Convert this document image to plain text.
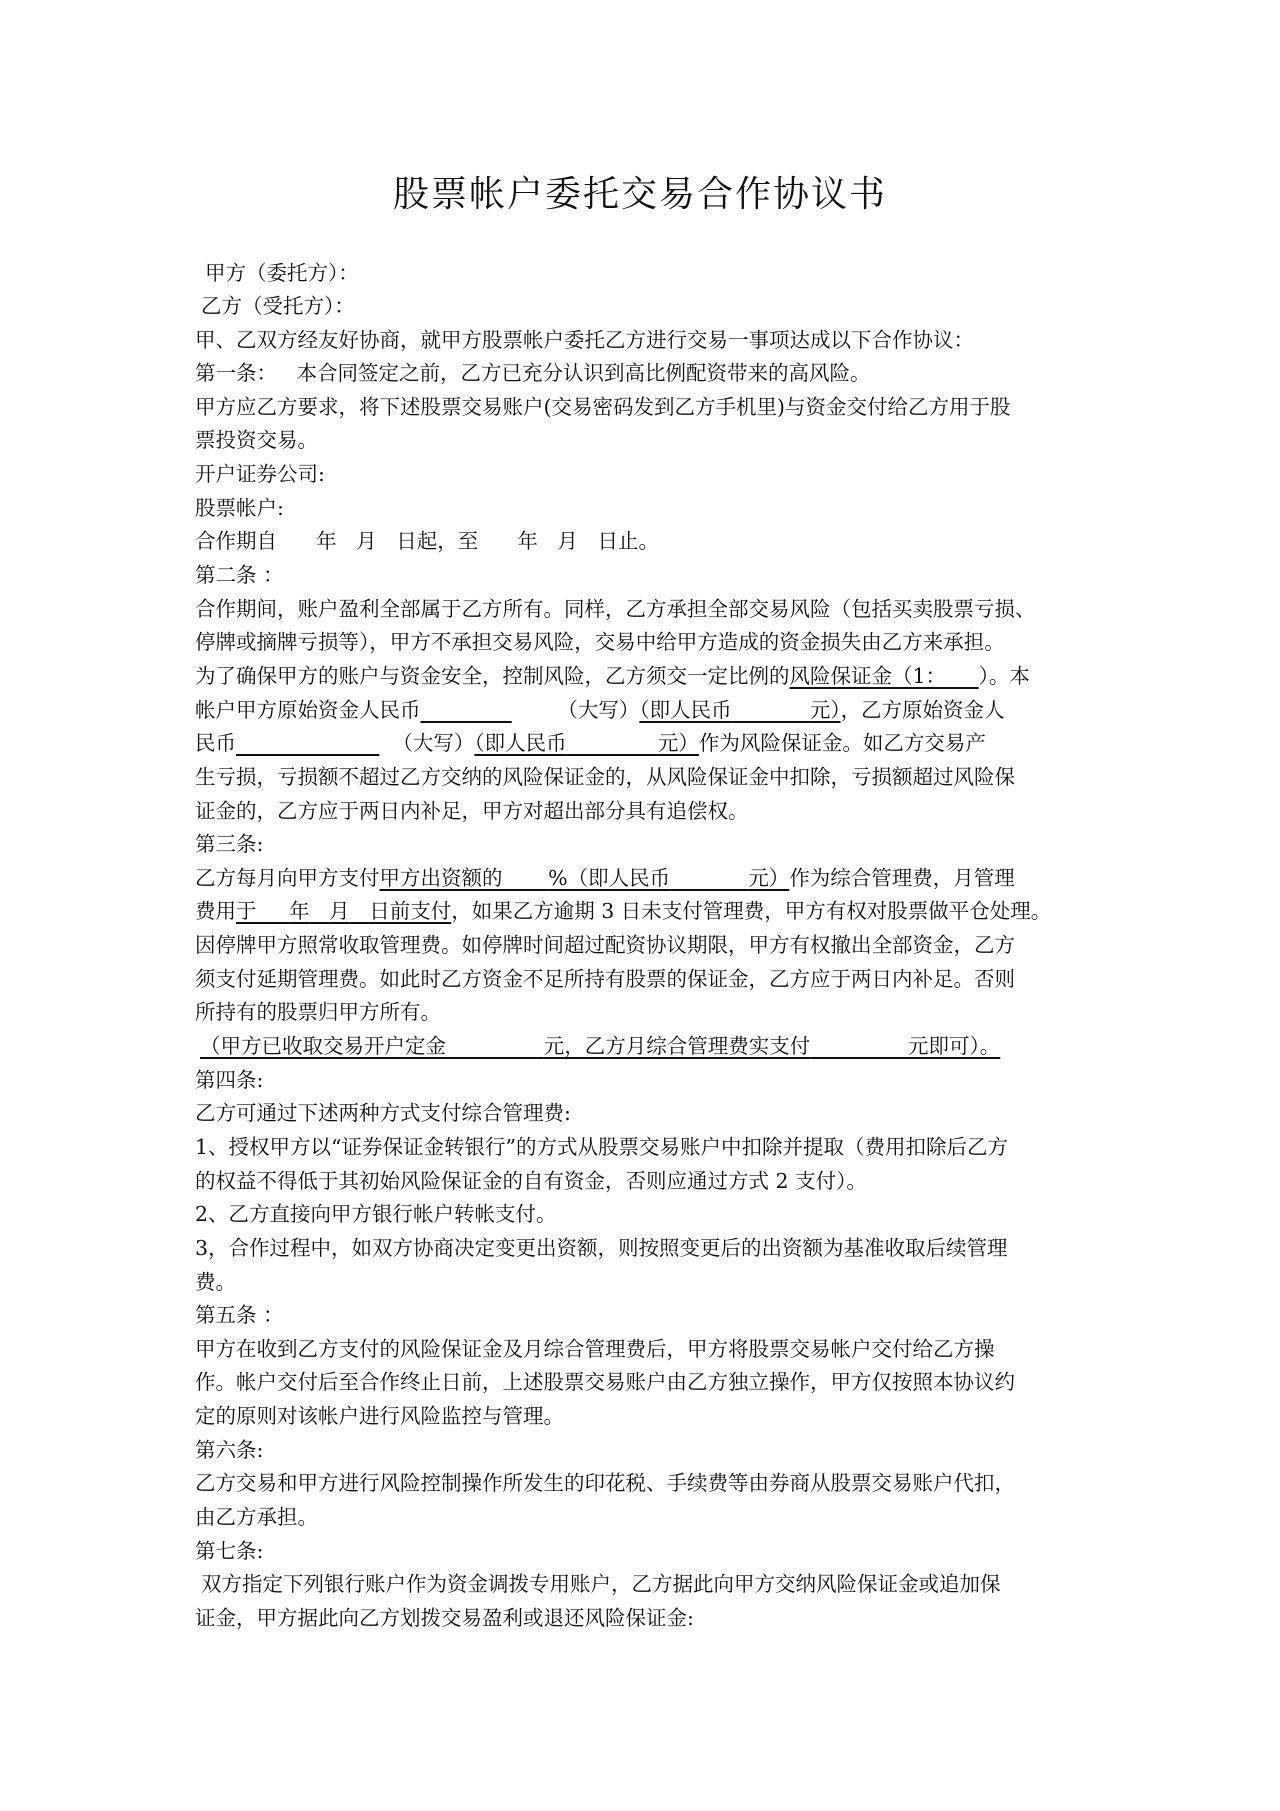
股票帐户委托交易合作协议书

甲方（委托方）：

乙方（受托方）：

甲、乙双方经友好协商，就甲方股票帐户委托乙方进行交易一事项达成以下合作协议：

第一条： 本合同签定之前，乙方已充分认识到高比例配资带来的高风险。

甲方应乙方要求，将下述股票交易账户(交易密码发到乙方手机里)与资金交付给乙方用于股

票投资交易。

开户证券公司:

股票帐户:

合作期自 年 月 日起，至 年 月 日止。

第二条 ：

合作期间，账户盈利全部属于乙方所有。同样，乙方承担全部交易风险（包括买卖股票亏损、

停牌或摘牌亏损等），甲方不承担交易风险，交易中给甲方造成的资金损失由乙方来承担。

为了确保甲方的账户与资金安全，控制风险，乙方须交一定比例的风险保证金（1： ）。本

帐户甲方原始资金人民币	（大写）（即人民币	元），乙方原始资金人

民币	（大写）（即人民币	元）作为风险保证金。如乙方交易产

生亏损，亏损额不超过乙方交纳的风险保证金的，从风险保证金中扣除，亏损额超过风险保

证金的，乙方应于两日内补足，甲方对超出部分具有追偿权。

第三条:

乙方每月向甲方支付甲方出资额的 %（即人民币	元）作为综合管理费，月管理

费用于 年 月 日前支付，如果乙方逾期 3 日未支付管理费，甲方有权对股票做平仓处理。

因停牌甲方照常收取管理费。如停牌时间超过配资协议期限，甲方有权撤出全部资金，乙方

须支付延期管理费。如此时乙方资金不足所持有股票的保证金，乙方应于两日内补足。否则

所持有的股票归甲方所有。

（甲方已收取交易开户定金	元，乙方月综合管理费实支付	元即可）。

第四条:

乙方可通过下述两种方式支付综合管理费:

1、授权甲方以“证券保证金转银行”的方式从股票交易账户中扣除并提取（费用扣除后乙方

的权益不得低于其初始风险保证金的自有资金，否则应通过方式 2 支付）。

2、乙方直接向甲方银行帐户转帐支付。

3，合作过程中，如双方协商决定变更出资额，则按照变更后的出资额为基准收取后续管理

费。

第五条 ：

甲方在收到乙方支付的风险保证金及月综合管理费后，甲方将股票交易帐户交付给乙方操

作。帐户交付后至合作终止日前，上述股票交易账户由乙方独立操作，甲方仅按照本协议约

定的原则对该帐户进行风险监控与管理。

第六条:

乙方交易和甲方进行风险控制操作所发生的印花税、手续费等由券商从股票交易账户代扣，

由乙方承担。

第七条:

双方指定下列银行账户作为资金调拨专用账户，乙方据此向甲方交纳风险保证金或追加保

证金，甲方据此向乙方划拨交易盈利或退还风险保证金:
